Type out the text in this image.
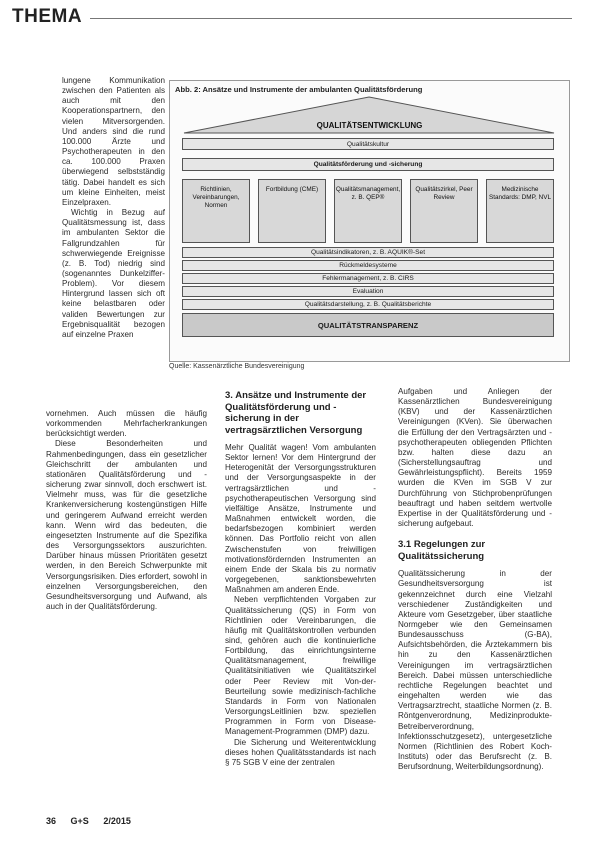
THEMA

lungene Kommunikation zwischen den Patienten als auch mit den Kooperationspartnern, den vielen Mitversorgenden. Und anders sind die rund 100.000 Ärzte und Psychotherapeuten in den ca. 100.000 Praxen überwiegend selbstständig tätig. Dabei handelt es sich um kleine Einheiten, meist Einzelpraxen.

Wichtig in Bezug auf Qualitätsmessung ist, dass im ambulanten Sektor die Fallgrundzahlen für schwerwiegende Ereignisse (z. B. Tod) niedrig sind (sogenanntes Dunkelziffer-Problem). Vor diesem Hintergrund lassen sich oft keine belastbaren oder validen Bewertungen zur Ergebnisqualität bezogen auf einzelne Praxen

Abb. 2: Ansätze und Instrumente der ambulanten Qualitätsförderung
QUALITÄTSENTWICKLUNG
Qualitätskultur
Qualitätsförderung und -sicherung
Richtlinien, Vereinbarungen, Normen
Fortbildung (CME)	Qualitätsmanagement, z. B. QEP®
Qualitätszirkel, Peer Review
Medizinische Standards: DMP, NVL
Qualitätsindikatoren, z. B. AQUIK®-Set
Rückmeldesysteme
Fehlermanagement, z. B. CIRS
Evaluation
Qualitätsdarstellung, z. B. Qualitätsberichte
QUALITÄTSTRANSPARENZ
Quelle: Kassenärztliche Bundesvereinigung

vornehmen. Auch müssen die häufig vorkommenden Mehrfacherkrankungen berücksichtigt werden.

Diese Besonderheiten und Rahmenbedingungen, dass ein gesetzlicher Gleichschritt der ambulanten und stationären Qualitätsförderung und -sicherung zwar sinnvoll, doch erschwert ist. Vielmehr muss, was für die gesetzliche Krankenversicherung kostengünstigen Hilfe und geringerem Aufwand erreicht werden kann. Wenn wird das bedeuten, die eingesetzten Instrumente auf die Spezifika des Versorgungssektors auszurichten. Darüber hinaus müssen Prioritäten gesetzt werden, in den Bereich Schwerpunkte mit Versorgungsrisiken. Dies erfordert, sowohl in einzelnen Versorgungsbereichen, den Gesundheitsversorgung und Aufwand, als auch in der Qualitätsförderung.

3. Ansätze und Instrumente der Qualitätsförderung und -sicherung in der vertragsärztlichen Versorgung

Mehr Qualität wagen! Vom ambulanten Sektor lernen! Vor dem Hintergrund der Heterogenität der Versorgungsstrukturen und der Versorgungsaspekte in der vertragsärztlichen und -psychotherapeutischen Versorgung sind vielfältige Ansätze, Instrumente und Maßnahmen entwickelt worden, die bedarfsbezogen kombiniert werden können. Das Portfolio reicht von allen Zwischenstufen von freiwilligen motivationsfördernden Instrumenten an einem Ende der Skala bis zu normativ vorgegebenen, sanktionsbewehrten Maßnahmen am anderen Ende.

Neben verpflichtenden Vorgaben zur Qualitätssicherung (QS) in Form von Richtlinien oder Vereinbarungen, die häufig mit Qualitätskontrollen verbunden sind, gehören auch die kontinuierliche Fortbildung, das einrichtungsinterne Qualitätsmanagement, freiwillige Qualitätsinitiativen wie Qualitätszirkel oder Peer Review mit Von-der-Beurteilung sowie medizinisch-fachliche Standards in Form von Nationalen VersorgungsLeitlinien bzw. speziellen Programmen in Form von Disease-Management-Programmen (DMP) dazu.

Die Sicherung und Weiterentwicklung dieses hohen Qualitätsstandards ist nach § 75 SGB V eine der zentralen

Aufgaben und Anliegen der Kassenärztlichen Bundesvereinigung (KBV) und der Kassenärztlichen Vereinigungen (KVen). Sie überwachen die Erfüllung der den Vertragsärzten und -psychotherapeuten obliegenden Pflichten bzw. halten diese dazu an (Sicherstellungsauftrag und Gewährleistungspflicht). Bereits 1959 wurden die KVen im SGB V zur Durchführung von Stichprobenprüfungen beauftragt und haben seitdem wertvolle Expertise in der Qualitätsförderung und -sicherung aufgebaut.

3.1 Regelungen zur Qualitätssicherung

Qualitätssicherung in der Gesundheitsversorgung ist gekennzeichnet durch eine Vielzahl verschiedener Zuständigkeiten und Akteure vom Gesetzgeber, über staatliche Normgeber wie den Gemeinsamen Bundesausschuss (G-BA), Aufsichtsbehörden, die Ärztekammern bis hin zu den Kassenärztlichen Vereinigungen im vertragsärztlichen Bereich. Dabei müssen unterschiedliche rechtliche Regelungen beachtet und eingehalten werden wie das Vertragsarztrecht, staatliche Normen (z. B. Röntgenverordnung, Medizinprodukte-Betreiberverordnung, Infektionsschutzgesetz), untergesetzliche Normen (Richtlinien des Robert Koch-Instituts) oder das Berufsrecht (z. B. Berufsordnung, Weiterbildungsordnung).

36 G+S 2/2015
